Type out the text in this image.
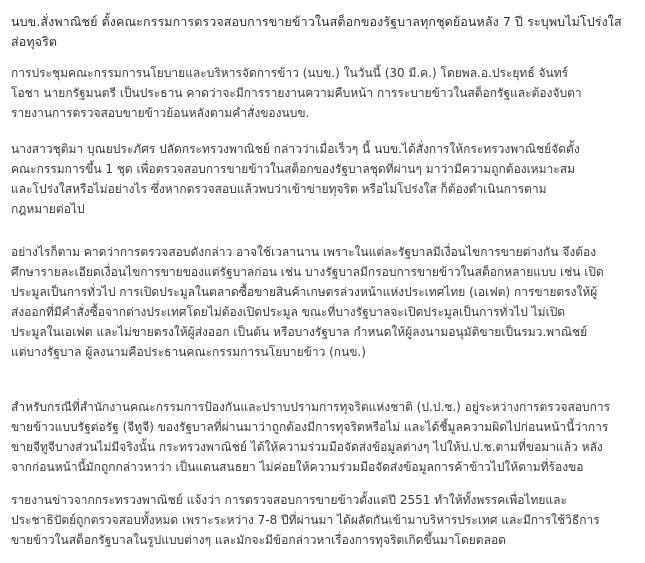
นบข.สั่งพาณิชย์ ตั้งคณะกรรมการตรวจสอบการขายข้าวในสต็อกของรัฐบาลทุกชุดย้อนหลัง 7 ปี ระบุพบไม่โปร่งใส
ส่อทุจริต

การประชุมคณะกรรมการนโยบายและบริหารจัดการข้าว (นบข.) ในวันนี้ (30 มี.ค.) โดยพล.อ.ประยุทธ์ จันทร์
โอชา นายกรัฐมนตรี เป็นประธาน คาดว่าจะมีการรายงานความคืบหน้า การระบายข้าวในสต็อกรัฐและต้องจับตา
รายงานการตรวจสอบขายข้าวย้อนหลังตามคำสั่งของนบข.

นางสาวชุติมา บุณยประภัศร ปลัดกระทรวงพาณิชย์ กล่าวว่าเมื่อเร็วๆ นี้ นบข.ได้สั่งการให้กระทรวงพาณิชย์จัดตั้ง
คณะกรรมการขึ้น 1 ชุด เพื่อตรวจสอบการขายข้าวในสต็อกของรัฐบาลชุดที่ผ่านๆ มาว่ามีความถูกต้องเหมาะสม
และโปร่งใสหรือไม่อย่างไร ซึ่งหากตรวจสอบแล้วพบว่าเข้าข่ายทุจริต หรือไม่โปร่งใส ก็ต้องดำเนินการตาม
กฎหมายต่อไป

อย่างไรก็ตาม คาดว่าการตรวจสอบดังกล่าว อาจใช้เวลานาน เพราะในแต่ละรัฐบาลมีเงื่อนไขการขายต่างกัน จึงต้อง
ศึกษารายละเอียดเงื่อนไขการขายของแต่รัฐบาลก่อน เช่น บางรัฐบาลมีกรอบการขายข้าวในสต็อกหลายแบบ เช่น เปิด
ประมูลเป็นการทั่วไป การเปิดประมูลในตลาดซื้อขายสินค้าเกษตรล่วงหน้าแห่งประเทศไทย (เอเฟต) การขายตรงให้ผู้
ส่งออกที่มีคำสั่งซื้อจากต่างประเทศโดยไม่ต้องเปิดประมูล ขณะที่บางรัฐบาลจะเปิดประมูลเป็นการทั่วไป ไม่เปิด
ประมูลในเอเฟต และไม่ขายตรงให้ผู้ส่งออก เป็นต้น หรือบางรัฐบาล กำหนดให้ผู้ลงนามอนุมัติขายเป็นรมว.พาณิชย์
แต่บางรัฐบาล ผู้ลงนามคือประธานคณะกรรมการนโยบายข้าว (กนข.)

สำหรับกรณีที่สำนักงานคณะกรรมการป้องกันและปราบปรามการทุจริตแห่งชาติ (ป.ป.ช.) อยู่ระหว่างการตรวจสอบการ
ขายข้าวแบบรัฐต่อรัฐ (จีทูจี) ของรัฐบาลที่ผ่านมาว่าถูกต้องมีการทุจริตหรือไม่ และได้ชี้มูลความผิดไปก่อนหน้านี้ว่าการ
ขายจีทูจีบางส่วนไม่มีจริงนั้น กระทรวงพาณิชย์ ได้ให้ความร่วมมือจัดส่งข้อมูลต่างๆ ไปให้ป.ป.ช.ตามที่ขอมาแล้ว หลัง
จากก่อนหน้านี้มักถูกกล่าวหาว่า เป็นแดนสนธยา ไม่ค่อยให้ความร่วมมือจัดส่งข้อมูลการค้าข้าวไปให้ตามที่ร้องขอ

รายงานข่าวจากกระทรวงพาณิชย์ แจ้งว่า การตรวจสอบการขายข้าวตั้งแต่ปี 2551 ทำให้ทั้งพรรคเพื่อไทยและ
ประชาธิปัตย์ถูกตรวจสอบทั้งหมด เพราะระหว่าง 7-8 ปีที่ผ่านมา ได้ผลัดกันเข้ามาบริหารประเทศ และมีการใช้วิธีการ
ขายข้าวในสต็อกรัฐบาลในรูปแบบต่างๆ และมักจะมีข้อกล่าวหาเรื่องการทุจริตเกิดขึ้นมาโดยตลอด
